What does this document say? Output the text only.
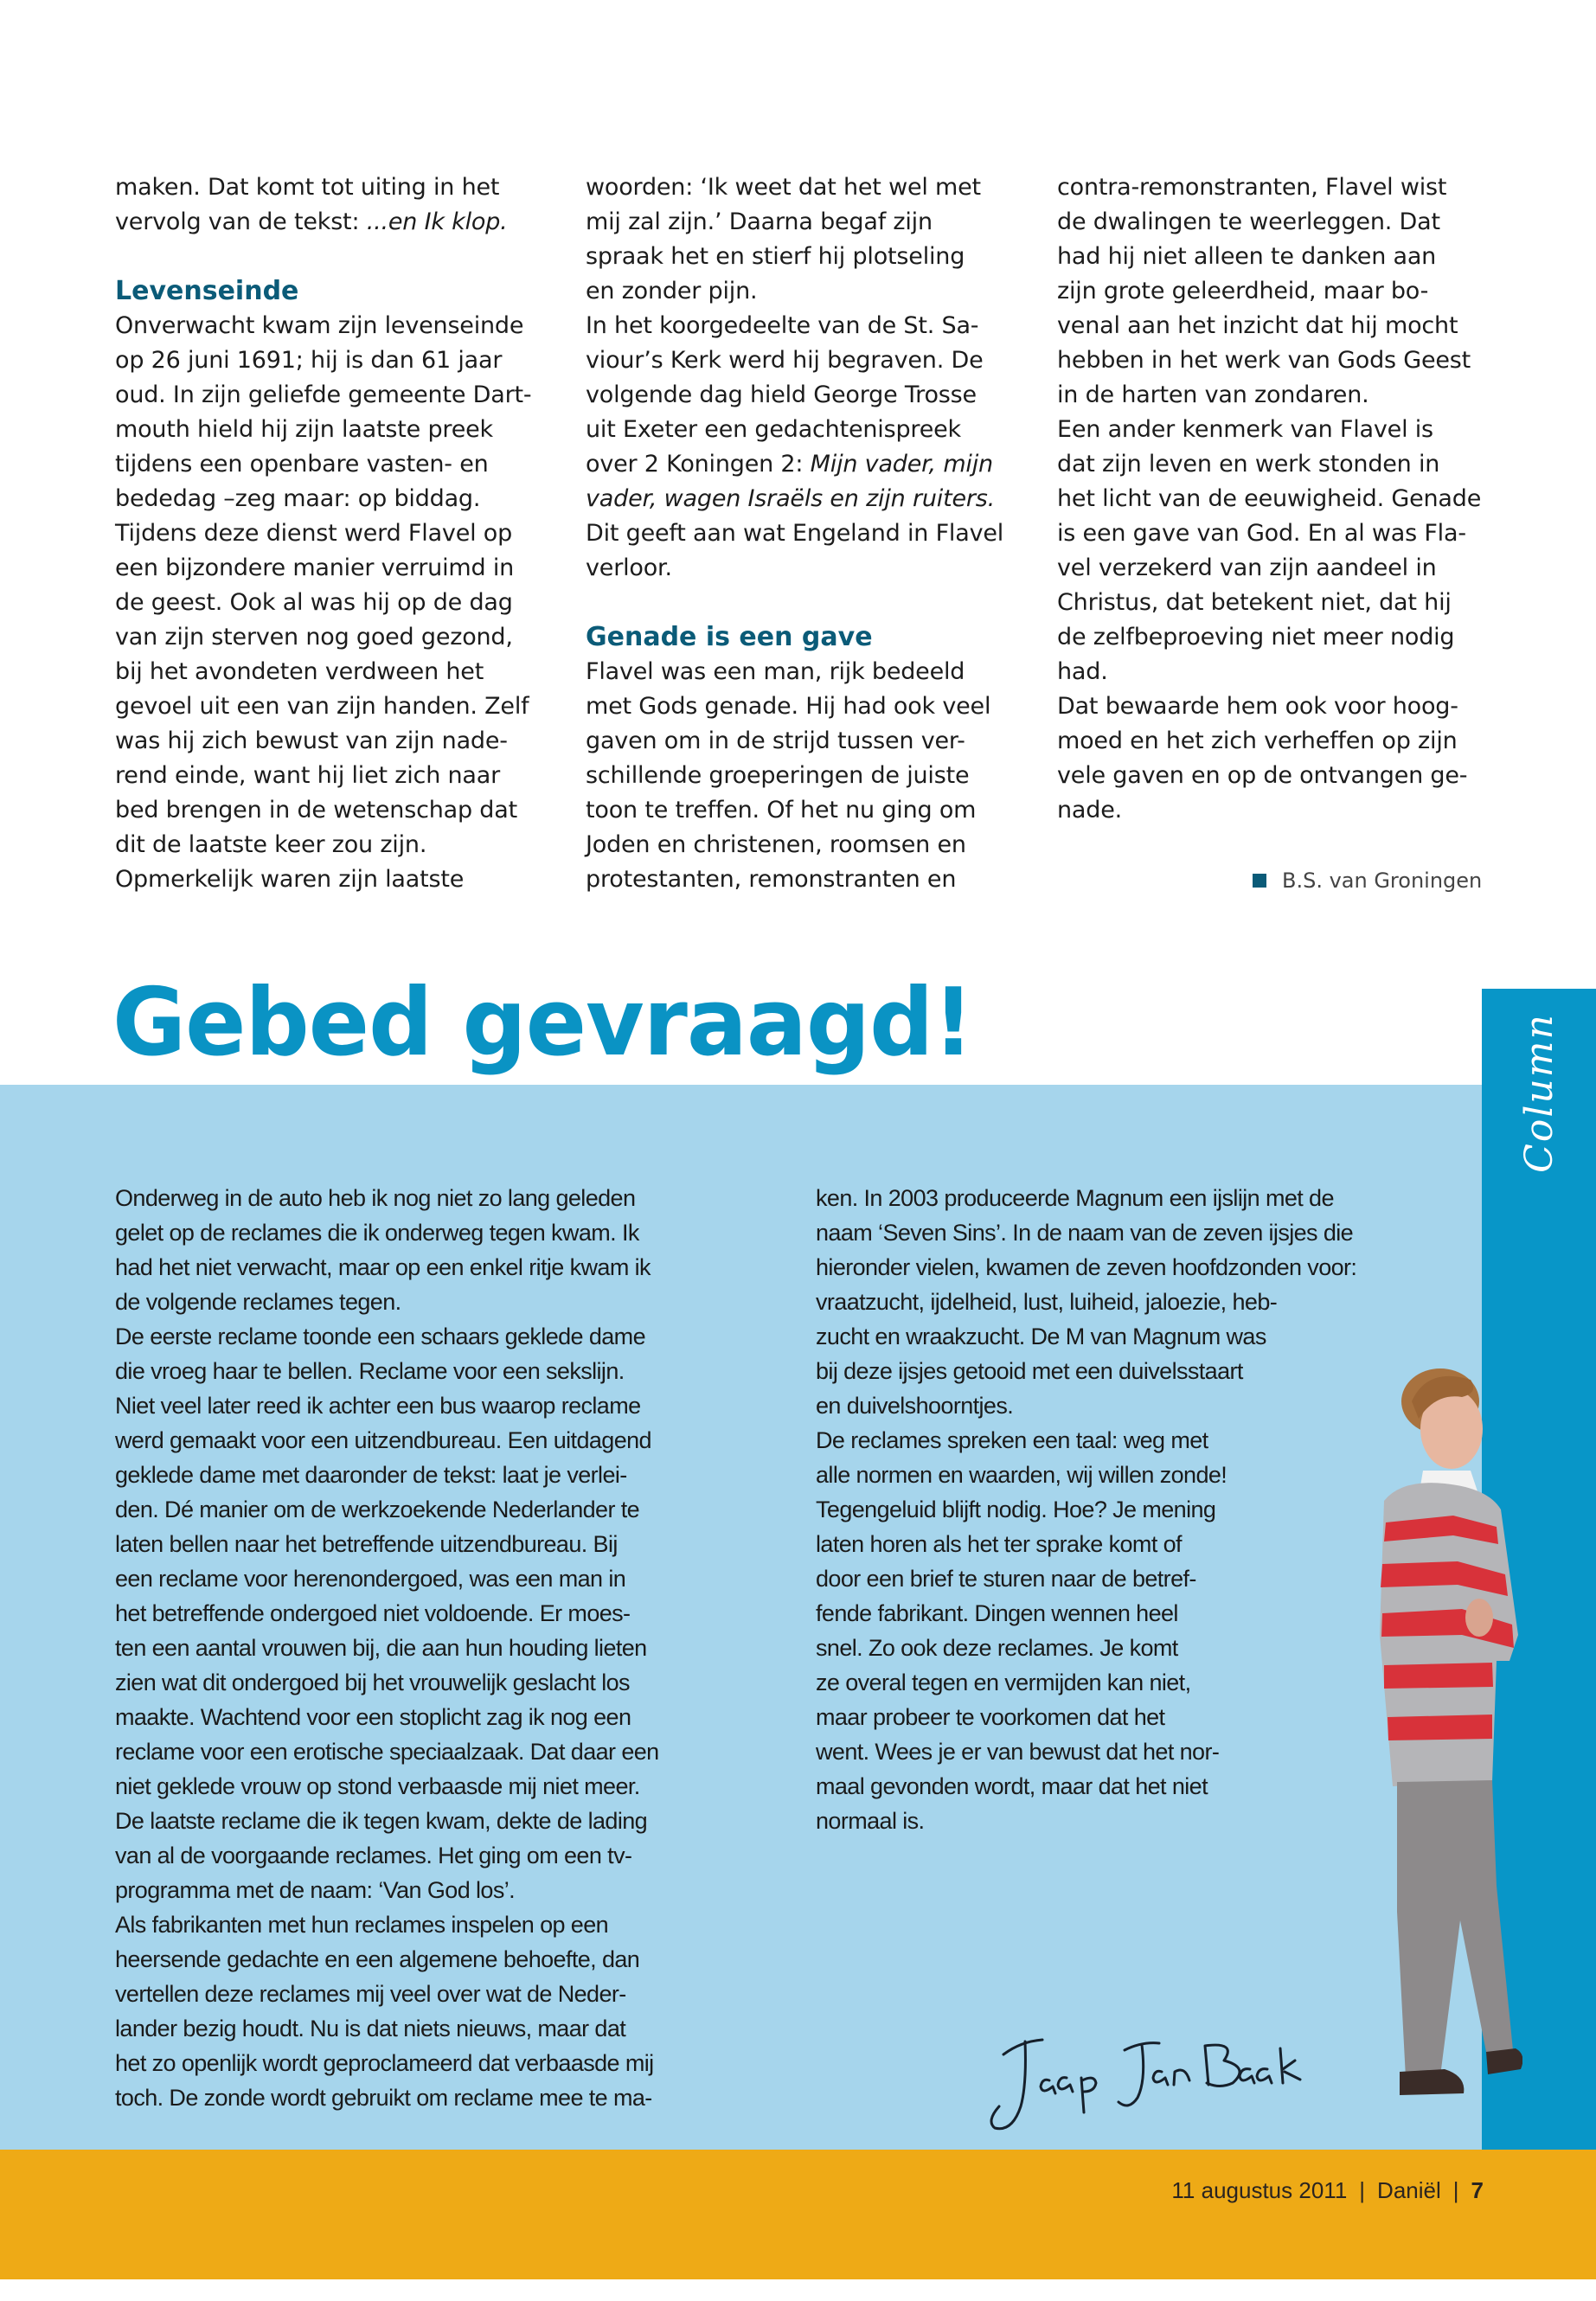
maken. Dat komt tot uiting in het
vervolg van de tekst: ...en Ik klop.
Levenseinde
Onverwacht kwam zijn levenseinde
op 26 juni 1691; hij is dan 61 jaar
oud. In zijn geliefde gemeente Dart-
mouth hield hij zijn laatste preek
tijdens een openbare vasten- en
bededag –zeg maar: op biddag.
Tijdens deze dienst werd Flavel op
een bijzondere manier verruimd in
de geest. Ook al was hij op de dag
van zijn sterven nog goed gezond,
bij het avondeten verdween het
gevoel uit een van zijn handen. Zelf
was hij zich bewust van zijn nade-
rend einde, want hij liet zich naar
bed brengen in de wetenschap dat
dit de laatste keer zou zijn.
Opmerkelijk waren zijn laatste
woorden: ‘Ik weet dat het wel met
mij zal zijn.’ Daarna begaf zijn
spraak het en stierf hij plotseling
en zonder pijn.
In het koorgedeelte van de St. Sa-
viour’s Kerk werd hij begraven. De
volgende dag hield George Trosse
uit Exeter een gedachtenispreek
over 2 Koningen 2: Mijn vader, mijn
vader, wagen Israëls en zijn ruiters.
Dit geeft aan wat Engeland in Flavel
verloor.
Genade is een gave
Flavel was een man, rijk bedeeld
met Gods genade. Hij had ook veel
gaven om in de strijd tussen ver-
schillende groeperingen de juiste
toon te treffen. Of het nu ging om
Joden en christenen, roomsen en
protestanten, remonstranten en
contra-remonstranten, Flavel wist
de dwalingen te weerleggen. Dat
had hij niet alleen te danken aan
zijn grote geleerdheid, maar bo-
venal aan het inzicht dat hij mocht
hebben in het werk van Gods Geest
in de harten van zondaren.
Een ander kenmerk van Flavel is
dat zijn leven en werk stonden in
het licht van de eeuwigheid. Genade
is een gave van God. En al was Fla-
vel verzekerd van zijn aandeel in
Christus, dat betekent niet, dat hij
de zelfbeproeving niet meer nodig
had.
Dat bewaarde hem ook voor hoog-
moed en het zich verheffen op zijn
vele gaven en op de ontvangen ge-
nade.
B.S. van Groningen
Column
Gebed gevraagd!
Onderweg in de auto heb ik nog niet zo lang geleden
gelet op de reclames die ik onderweg tegen kwam. Ik
had het niet verwacht, maar op een enkel ritje kwam ik
de volgende reclames tegen.
De eerste reclame toonde een schaars geklede dame
die vroeg haar te bellen. Reclame voor een sekslijn.
Niet veel later reed ik achter een bus waarop reclame
werd gemaakt voor een uitzendbureau. Een uitdagend
geklede dame met daaronder de tekst: laat je verlei-
den. Dé manier om de werkzoekende Nederlander te
laten bellen naar het betreffende uitzendbureau. Bij
een reclame voor herenondergoed, was een man in
het betreffende ondergoed niet voldoende. Er moes-
ten een aantal vrouwen bij, die aan hun houding lieten
zien wat dit ondergoed bij het vrouwelijk geslacht los
maakte. Wachtend voor een stoplicht zag ik nog een
reclame voor een erotische speciaalzaak. Dat daar een
niet geklede vrouw op stond verbaasde mij niet meer.
De laatste reclame die ik tegen kwam, dekte de lading
van al de voorgaande reclames. Het ging om een tv-
programma met de naam: ‘Van God los’.
Als fabrikanten met hun reclames inspelen op een
heersende gedachte en een algemene behoefte, dan
vertellen deze reclames mij veel over wat de Neder-
lander bezig houdt. Nu is dat niets nieuws, maar dat
het zo openlijk wordt geproclameerd dat verbaasde mij
toch. De zonde wordt gebruikt om reclame mee te ma-
ken. In 2003 produceerde Magnum een ijslijn met de
naam ‘Seven Sins’. In de naam van de zeven ijsjes die
hieronder vielen, kwamen de zeven hoofdzonden voor:
vraatzucht, ijdelheid, lust, luiheid, jaloezie, heb-
zucht en wraakzucht. De M van Magnum was
bij deze ijsjes getooid met een duivelsstaart
en duivelshoorntjes.
De reclames spreken een taal: weg met
alle normen en waarden, wij willen zonde!
Tegengeluid blijft nodig. Hoe? Je mening
laten horen als het ter sprake komt of
door een brief te sturen naar de betref-
fende fabrikant. Dingen wennen heel
snel. Zo ook deze reclames. Je komt
ze overal tegen en vermijden kan niet,
maar probeer te voorkomen dat het
went. Wees je er van bewust dat het nor-
maal gevonden wordt, maar dat het niet
normaal is.
11 augustus 2011 | Daniël | 7
